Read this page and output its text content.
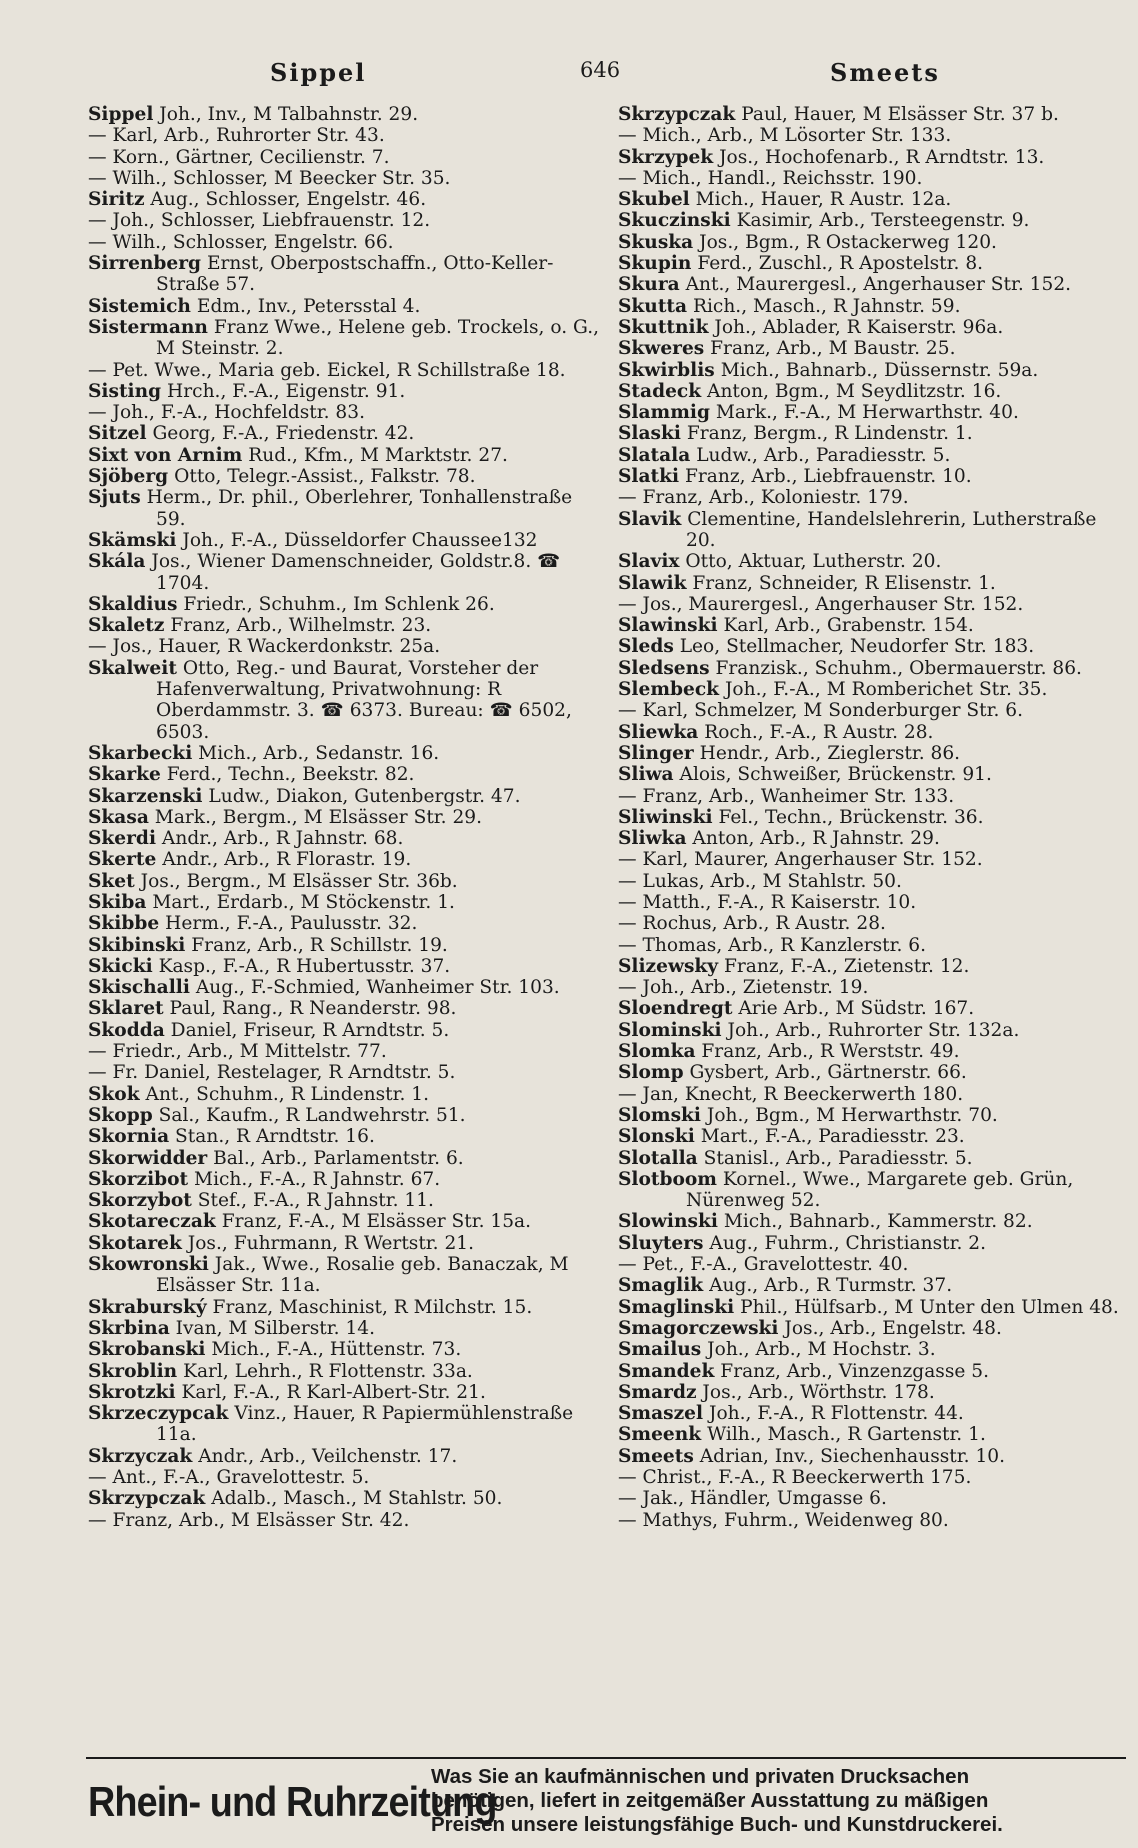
Sippel	646	Smeets
Sippel Joh., Inv., M Talbahnstr. 29.
— Karl, Arb., Ruhrorter Str. 43.
— Korn., Gärtner, Cecilienstr. 7.
— Wilh., Schlosser, M Beecker Str. 35.
Siritz Aug., Schlosser, Engelstr. 46.
— Joh., Schlosser, Liebfrauenstr. 12.
— Wilh., Schlosser, Engelstr. 66.
Sirrenberg Ernst, Oberpostschaffn., Otto-Keller-Straße 57.
Sistemich Edm., Inv., Petersstal 4.
Sistermann Franz Wwe., Helene geb. Trockels, o. G., M Steinstr. 2.
— Pet. Wwe., Maria geb. Eickel, R Schillstraße 18.
Sisting Hrch., F.-A., Eigenstr. 91.
— Joh., F.-A., Hochfeldstr. 83.
Sitzel Georg, F.-A., Friedenstr. 42.
Sixt von Arnim Rud., Kfm., M Marktstr. 27.
Sjöberg Otto, Telegr.-Assist., Falkstr. 78.
Sjuts Herm., Dr. phil., Oberlehrer, Tonhallenstraße 59.
Skämski Joh., F.-A., Düsseldorfer Chaussee132
Skála Jos., Wiener Damenschneider, Goldstr.8. ☎ 1704.
Skaldius Friedr., Schuhm., Im Schlenk 26.
Skaletz Franz, Arb., Wilhelmstr. 23.
— Jos., Hauer, R Wackerdonkstr. 25a.
Skalweit Otto, Reg.- und Baurat, Vorsteher der Hafenverwaltung, Privatwohnung: R Oberdammstr. 3. ☎ 6373. Bureau: ☎ 6502, 6503.
Skarbecki Mich., Arb., Sedanstr. 16.
Skarke Ferd., Techn., Beekstr. 82.
Skarzenski Ludw., Diakon, Gutenbergstr. 47.
Skasa Mark., Bergm., M Elsässer Str. 29.
Skerdi Andr., Arb., R Jahnstr. 68.
Skerte Andr., Arb., R Florastr. 19.
Sket Jos., Bergm., M Elsässer Str. 36b.
Skiba Mart., Erdarb., M Stöckenstr. 1.
Skibbe Herm., F.-A., Paulusstr. 32.
Skibinski Franz, Arb., R Schillstr. 19.
Skicki Kasp., F.-A., R Hubertusstr. 37.
Skischalli Aug., F.-Schmied, Wanheimer Str. 103.
Sklaret Paul, Rang., R Neanderstr. 98.
Skodda Daniel, Friseur, R Arndtstr. 5.
— Friedr., Arb., M Mittelstr. 77.
— Fr. Daniel, Restelager, R Arndtstr. 5.
Skok Ant., Schuhm., R Lindenstr. 1.
Skopp Sal., Kaufm., R Landwehrstr. 51.
Skornia Stan., R Arndtstr. 16.
Skorwidder Bal., Arb., Parlamentstr. 6.
Skorzibot Mich., F.-A., R Jahnstr. 67.
Skorzybot Stef., F.-A., R Jahnstr. 11.
Skotareczak Franz, F.-A., M Elsässer Str. 15a.
Skotarek Jos., Fuhrmann, R Wertstr. 21.
Skowronski Jak., Wwe., Rosalie geb. Banaczak, M Elsässer Str. 11a.
Skraburský Franz, Maschinist, R Milchstr. 15.
Skrbina Ivan, M Silberstr. 14.
Skrobanski Mich., F.-A., Hüttenstr. 73.
Skroblin Karl, Lehrh., R Flottenstr. 33a.
Skrotzki Karl, F.-A., R Karl-Albert-Str. 21.
Skrzeczypcak Vinz., Hauer, R Papiermühlenstraße 11a.
Skrzyczak Andr., Arb., Veilchenstr. 17.
— Ant., F.-A., Gravelottestr. 5.
Skrzypczak Adalb., Masch., M Stahlstr. 50.
— Franz, Arb., M Elsässer Str. 42.
Skrzypczak Paul, Hauer, M Elsässer Str. 37 b.
— Mich., Arb., M Lösorter Str. 133.
Skrzypek Jos., Hochofenarb., R Arndtstr. 13.
— Mich., Handl., Reichsstr. 190.
Skubel Mich., Hauer, R Austr. 12a.
Skuczinski Kasimir, Arb., Tersteegenstr. 9.
Skuska Jos., Bgm., R Ostackerweg 120.
Skupin Ferd., Zuschl., R Apostelstr. 8.
Skura Ant., Maurergesl., Angerhauser Str. 152.
Skutta Rich., Masch., R Jahnstr. 59.
Skuttnik Joh., Ablader, R Kaiserstr. 96a.
Skweres Franz, Arb., M Baustr. 25.
Skwirblis Mich., Bahnarb., Düssernstr. 59a.
Stadeck Anton, Bgm., M Seydlitzstr. 16.
Slammig Mark., F.-A., M Herwarthstr. 40.
Slaski Franz, Bergm., R Lindenstr. 1.
Slatala Ludw., Arb., Paradiesstr. 5.
Slatki Franz, Arb., Liebfrauenstr. 10.
— Franz, Arb., Koloniestr. 179.
Slavik Clementine, Handelslehrerin, Lutherstraße 20.
Slavix Otto, Aktuar, Lutherstr. 20.
Slawik Franz, Schneider, R Elisenstr. 1.
— Jos., Maurergesl., Angerhauser Str. 152.
Slawinski Karl, Arb., Grabenstr. 154.
Sleds Leo, Stellmacher, Neudorfer Str. 183.
Sledsens Franzisk., Schuhm., Obermauerstr. 86.
Slembeck Joh., F.-A., M Romberichet Str. 35.
— Karl, Schmelzer, M Sonderburger Str. 6.
Sliewka Roch., F.-A., R Austr. 28.
Slinger Hendr., Arb., Zieglerstr. 86.
Sliwa Alois, Schweißer, Brückenstr. 91.
— Franz, Arb., Wanheimer Str. 133.
Sliwinski Fel., Techn., Brückenstr. 36.
Sliwka Anton, Arb., R Jahnstr. 29.
— Karl, Maurer, Angerhauser Str. 152.
— Lukas, Arb., M Stahlstr. 50.
— Matth., F.-A., R Kaiserstr. 10.
— Rochus, Arb., R Austr. 28.
— Thomas, Arb., R Kanzlerstr. 6.
Slizewsky Franz, F.-A., Zietenstr. 12.
— Joh., Arb., Zietenstr. 19.
Sloendregt Arie Arb., M Südstr. 167.
Slominski Joh., Arb., Ruhrorter Str. 132a.
Slomka Franz, Arb., R Werststr. 49.
Slomp Gysbert, Arb., Gärtnerstr. 66.
— Jan, Knecht, R Beeckerwerth 180.
Slomski Joh., Bgm., M Herwarthstr. 70.
Slonski Mart., F.-A., Paradiesstr. 23.
Slotalla Stanisl., Arb., Paradiesstr. 5.
Slotboom Kornel., Wwe., Margarete geb. Grün, Nürenweg 52.
Slowinski Mich., Bahnarb., Kammerstr. 82.
Sluyters Aug., Fuhrm., Christianstr. 2.
— Pet., F.-A., Gravelottestr. 40.
Smaglik Aug., Arb., R Turmstr. 37.
Smaglinski Phil., Hülfsarb., M Unter den Ulmen 48.
Smagorczewski Jos., Arb., Engelstr. 48.
Smailus Joh., Arb., M Hochstr. 3.
Smandek Franz, Arb., Vinzenzgasse 5.
Smardz Jos., Arb., Wörthstr. 178.
Smaszel Joh., F.-A., R Flottenstr. 44.
Smeenk Wilh., Masch., R Gartenstr. 1.
Smeets Adrian, Inv., Siechenhausstr. 10.
— Christ., F.-A., R Beeckerwerth 175.
— Jak., Händler, Umgasse 6.
— Mathys, Fuhrm., Weidenweg 80.
Rhein- und Ruhrzeitung
Was Sie an kaufmännischen und privaten Drucksachen
benötigen, liefert in zeitgemäßer Ausstattung zu mäßigen
Preisen unsere leistungsfähige Buch- und Kunstdruckerei.
